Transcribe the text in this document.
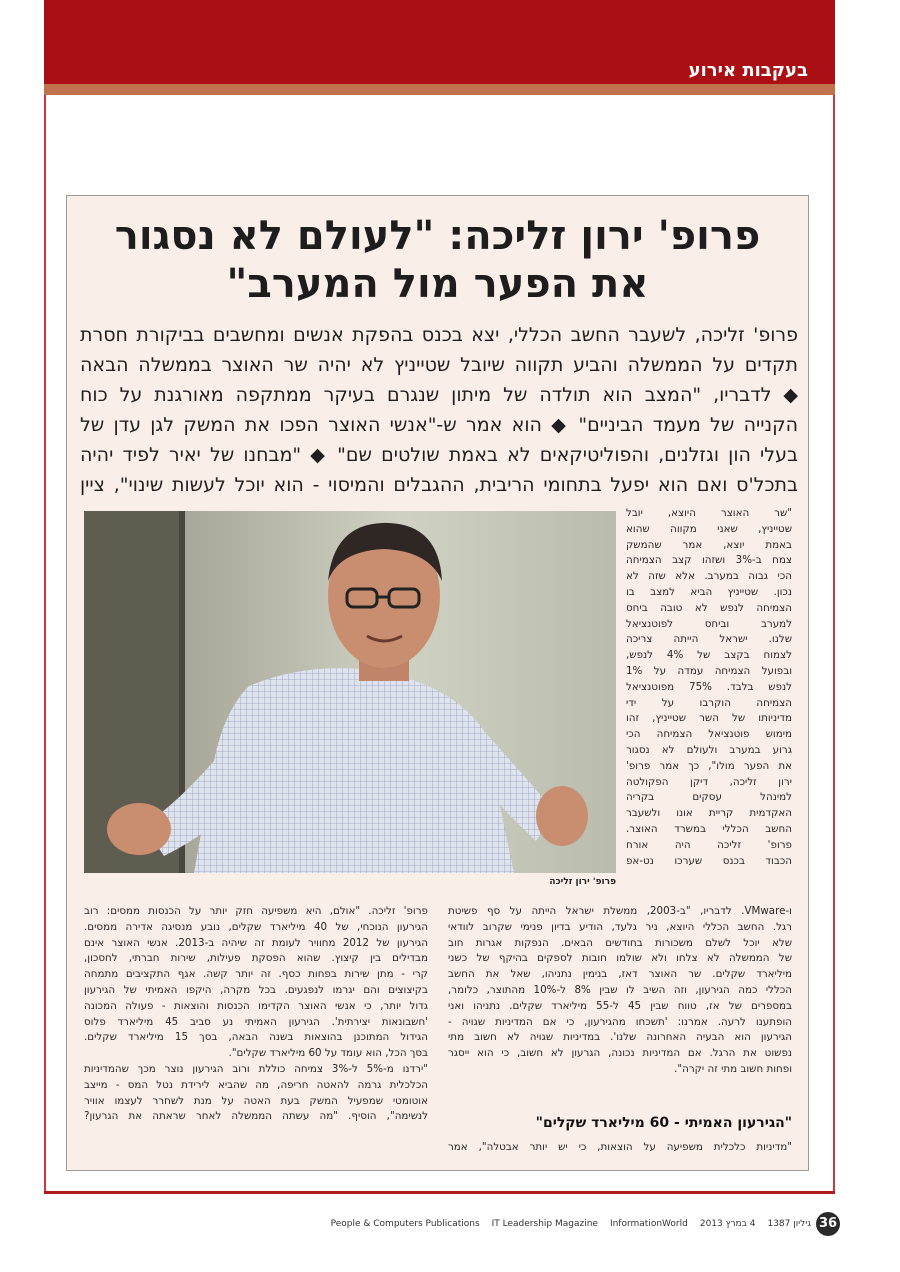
בעקבות אירוע
פרופ' ירון זליכה: "לעולם לא נסגור
את הפער מול המערב"
פרופ' זליכה, לשעבר החשב הכללי, יצא בכנס בהפקת אנשים ומחשבים בביקורת חסרת
תקדים על הממשלה והביע תקווה שיובל שטייניץ לא יהיה שר האוצר בממשלה הבאה
◆ לדבריו, "המצב הוא תולדה של מיתון שנגרם בעיקר ממתקפה מאורגנת על כוח
הקנייה של מעמד הביניים" ◆ הוא אמר ש-"אנשי האוצר הפכו את המשק לגן עדן של
בעלי הון וגזלנים, והפוליטיקאים לא באמת שולטים שם" ◆ "מבחנו של יאיר לפיד יהיה
בתכל'ס ואם הוא יפעל בתחומי הריבית, ההגבלים והמיסוי - הוא יוכל לעשות שינוי", ציין
פרופ' ירון זליכה
"שר האוצר היוצא, יובל
שטייניץ, שאני מקווה שהוא
באמת יוצא, אמר שהמשק
צמח ב-3% ושזהו קצב הצמיחה
הכי גבוה במערב. אלא שזה לא
נכון. שטייניץ הביא למצב בו
הצמיחה לנפש לא טובה ביחס
למערב וביחס לפוטנציאל
שלנו. ישראל הייתה צריכה
לצמוח בקצב של 4% לנפש,
ובפועל הצמיחה עמדה על 1%
לנפש בלבד. 75% מפוטנציאל
הצמיחה הוקרבו על ידי
מדיניותו של השר שטייניץ, זהו
מימוש פוטנציאל הצמיחה הכי
גרוע במערב ולעולם לא נסגור
את הפער מולו", כך אמר פרופ'
ירון זליכה, דיקן הפקולטה
למינהל עסקים בקריה
האקדמית קריית אונו ולשעבר
החשב הכללי במשרד האוצר.
פרופ' זליכה היה אורח
הכבוד בכנס שערכו נט-אפ
ו-VMware. לדבריו, "ב-2003, ממשלת ישראל הייתה על סף פשיטת
רגל. החשב הכללי היוצא, ניר גלעד, הודיע בדיון פנימי שקרוב לוודאי
שלא יוכל לשלם משכורות בחודשים הבאים. הנפקות אגרות חוב
של הממשלה לא צלחו ולא שולמו חובות לספקים בהיקף של כשני
מיליארד שקלים. שר האוצר דאז, בנימין נתניהו, שאל את החשב
הכללי כמה הגירעון, וזה השיב לו שבין 8% ל-10% מהתוצר, כלומר,
במספרים של אז, טווח שבין 45 ל-55 מיליארד שקלים. נתניהו ואני
הופתענו לרעה. אמרנו: 'תשכחו מהגירעון, כי אם המדיניות שגויה -
הגירעון הוא הבעיה האחרונה שלנו'. במדיניות שגויה לא חשוב מתי
נפשוט את הרגל. אם המדיניות נכונה, הגרעון לא חשוב, כי הוא ייסגר
ופחות חשוב מתי זה יקרה".
"הגירעון האמיתי - 60 מיליארד שקלים"
"מדיניות כלכלית משפיעה על הוצאות, כי יש יותר אבטלה", אמר
פרופ' זליכה. "אולם, היא משפיעה חזק יותר על הכנסות ממסים: רוב
הגירעון הנוכחי, של 40 מיליארד שקלים, נובע מנסיגה אדירה ממסים.
הגירעון של 2012 מחוויר לעומת זה שיהיה ב-2013. אנשי האוצר אינם
מבדילים בין קיצוץ. שהוא הפסקת פעילות, שירות חברתי, לחסכון,
קרי - מתן שירות בפחות כסף. זה יותר קשה. אגף התקציבים מתמחה
בקיצוצים והם יגרמו לנפגעים. בכל מקרה, היקפו האמיתי של הגירעון
גדול יותר, כי אנשי האוצר הקדימו הכנסות והוצאות - פעולה המכונה
'חשבונאות יצירתית'. הגירעון האמיתי נע סביב 45 מיליארד פלוס
הגידול המתוכנן בהוצאות בשנה הבאה, בסך 15 מיליארד שקלים.
בסך הכל, הוא עומד על 60 מיליארד שקלים".
"ירדנו מ-5% ל-3% צמיחה כוללת ורוב הגירעון נוצר מכך שהמדיניות
הכלכלית גרמה להאטה חריפה, מה שהביא לירידת נטל המס - מייצב
אוטומטי שמפעיל המשק בעת האטה על מנת לשחרר לעצמו אוויר
לנשימה", הוסיף. "מה עשתה הממשלה לאחר שראתה את הגרעון?
גיליון 1387
4 במרץ 2013
InformationWorld
IT Leadership Magazine
People & Computers Publications	36
